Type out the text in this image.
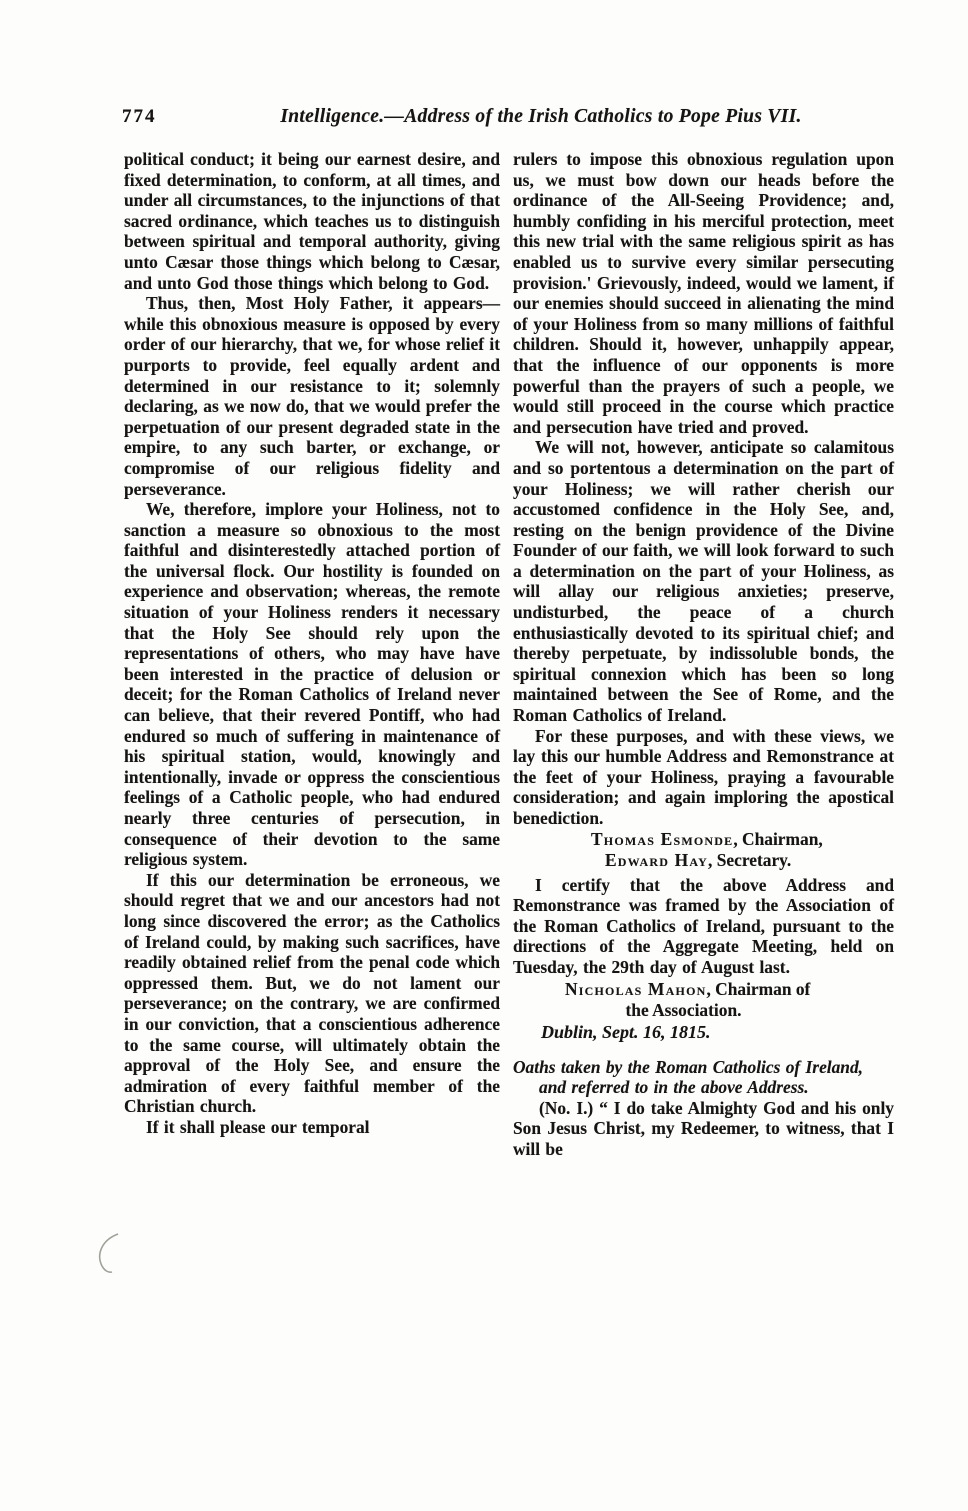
774	Intelligence.—Address of the Irish Catholics to Pope Pius VII.

political conduct; it being our earnest desire, and fixed determination, to conform, at all times, and under all circumstances, to the injunctions of that sacred ordinance, which teaches us to distinguish between spiritual and temporal authority, giving unto Cæsar those things which belong to Cæsar, and unto God those things which belong to God.

Thus, then, Most Holy Father, it appears—while this obnoxious measure is opposed by every order of our hierarchy, that we, for whose relief it purports to provide, feel equally ardent and determined in our resistance to it; solemnly declaring, as we now do, that we would prefer the perpetuation of our present degraded state in the empire, to any such barter, or exchange, or compromise of our religious fidelity and perseverance.

We, therefore, implore your Holiness, not to sanction a measure so obnoxious to the most faithful and disinterestedly attached portion of the universal flock. Our hostility is founded on experience and observation; whereas, the remote situation of your Holiness renders it necessary that the Holy See should rely upon the representations of others, who may have have been interested in the practice of delusion or deceit; for the Roman Catholics of Ireland never can believe, that their revered Pontiff, who had endured so much of suffering in maintenance of his spiritual station, would, knowingly and intentionally, invade or oppress the conscientious feelings of a Catholic people, who had endured nearly three centuries of persecution, in consequence of their devotion to the same religious system.

If this our determination be erroneous, we should regret that we and our ancestors had not long since discovered the error; as the Catholics of Ireland could, by making such sacrifices, have readily obtained relief from the penal code which oppressed them. But, we do not lament our perseverance; on the contrary, we are confirmed in our conviction, that a conscientious adherence to the same course, will ultimately obtain the approval of the Holy See, and ensure the admiration of every faithful member of the Christian church.

If it shall please our temporal

rulers to impose this obnoxious regulation upon us, we must bow down our heads before the ordinance of the All-Seeing Providence; and, humbly confiding in his merciful protection, meet this new trial with the same religious spirit as has enabled us to survive every similar persecuting provision.' Grievously, indeed, would we lament, if our enemies should succeed in alienating the mind of your Holiness from so many millions of faithful children. Should it, however, unhappily appear, that the influence of our opponents is more powerful than the prayers of such a people, we would still proceed in the course which practice and persecution have tried and proved.

We will not, however, anticipate so calamitous and so portentous a determination on the part of your Holiness; we will rather cherish our accustomed confidence in the Holy See, and, resting on the benign providence of the Divine Founder of our faith, we will look forward to such a determination on the part of your Holiness, as will allay our religious anxieties; preserve, undisturbed, the peace of a church enthusiastically devoted to its spiritual chief; and thereby perpetuate, by indissoluble bonds, the spiritual connexion which has been so long maintained between the See of Rome, and the Roman Catholics of Ireland.

For these purposes, and with these views, we lay this our humble Address and Remonstrance at the feet of your Holiness, praying a favourable consideration; and again imploring the apostical benediction.

Thomas Esmonde, Chairman,
Edward Hay, Secretary.

I certify that the above Address and Remonstrance was framed by the Association of the Roman Catholics of Ireland, pursuant to the directions of the Aggregate Meeting, held on Tuesday, the 29th day of August last.

Nicholas Mahon, Chairman of
the Association.
Dublin, Sept. 16, 1815.

Oaths taken by the Roman Catholics of Ireland, and referred to in the above Address.

(No. I.) “ I do take Almighty God and his only Son Jesus Christ, my Redeemer, to witness, that I will be
